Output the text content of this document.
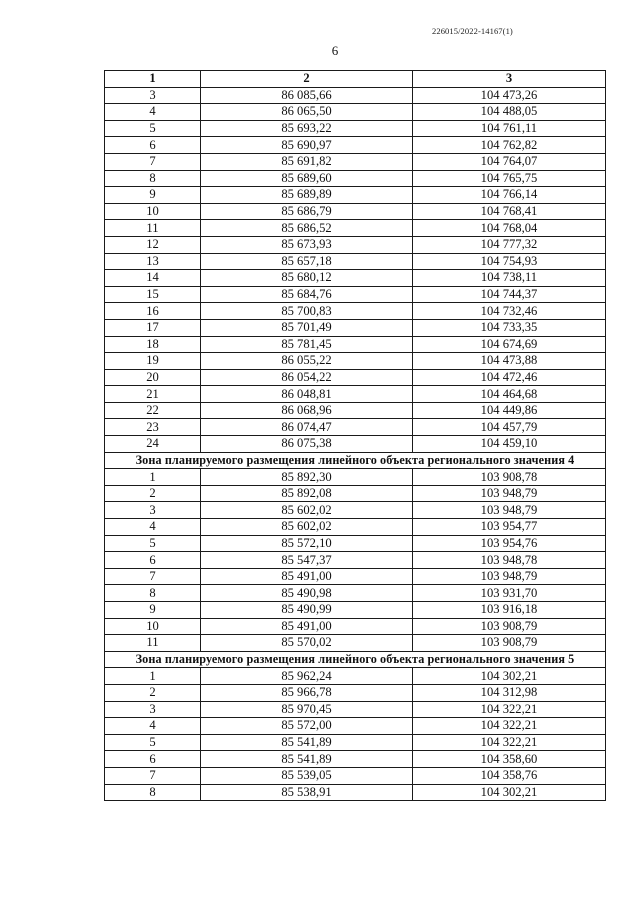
226015/2022-14167(1)
6
1	2	3
3	86 085,66	104 473,26
4	86 065,50	104 488,05
5	85 693,22	104 761,11
6	85 690,97	104 762,82
7	85 691,82	104 764,07
8	85 689,60	104 765,75
9	85 689,89	104 766,14
10	85 686,79	104 768,41
11	85 686,52	104 768,04
12	85 673,93	104 777,32
13	85 657,18	104 754,93
14	85 680,12	104 738,11
15	85 684,76	104 744,37
16	85 700,83	104 732,46
17	85 701,49	104 733,35
18	85 781,45	104 674,69
19	86 055,22	104 473,88
20	86 054,22	104 472,46
21	86 048,81	104 464,68
22	86 068,96	104 449,86
23	86 074,47	104 457,79
24	86 075,38	104 459,10
Зона планируемого размещения линейного объекта регионального значения 4		
1	85 892,30	103 908,78
2	85 892,08	103 948,79
3	85 602,02	103 948,79
4	85 602,02	103 954,77
5	85 572,10	103 954,76
6	85 547,37	103 948,78
7	85 491,00	103 948,79
8	85 490,98	103 931,70
9	85 490,99	103 916,18
10	85 491,00	103 908,79
11	85 570,02	103 908,79
Зона планируемого размещения линейного объекта регионального значения 5		
1	85 962,24	104 302,21
2	85 966,78	104 312,98
3	85 970,45	104 322,21
4	85 572,00	104 322,21
5	85 541,89	104 322,21
6	85 541,89	104 358,60
7	85 539,05	104 358,76
8	85 538,91	104 302,21
